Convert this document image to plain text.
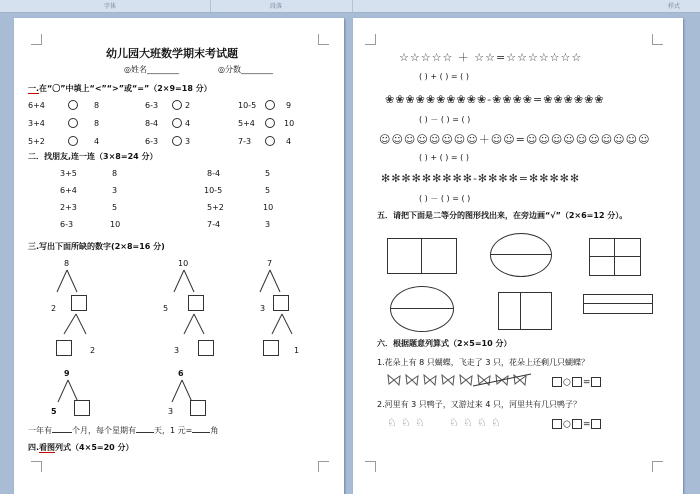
字体	段落	样式
幼儿园大班数学期末考试题
◎姓名________	◎分数________
一.在“〇”中填上“<”“>”或“=”（2×9=18 分）
6+4	8	6-3	2	10-5	9
3+4	8	8-4	4	5+4	10
5+2	4	6-3	3	7-3	4
二．找朋友,连一连（3×8=24 分）
3+5
6+4
2+3
6-3
8
3
5
10
8-4
10-5
5+2
7-4
5
5
10
3
三.写出下面所缺的数字(2×8=16 分)
8
2
2
10
5
3
7
3
1
9
5
6
3
一年有	个月，每个星期有 天，1 元= 角
四.看图列式（4×5=20 分）
☆☆☆☆☆ ＋ ☆☆=☆☆☆☆☆☆☆
( ) + ( ) = ( )
❀❀❀❀❀❀❀❀❀❀-❀❀❀❀=❀❀❀❀❀❀
( ) － ( ) = ( )
☺☺☺☺☺☺☺☺＋☺☺=☺☺☺☺☺☺☺☺☺☺
( ) + ( ) = ( )
✻✻✻✻✻✻✻✻✻-✻✻✻✻=✻✻✻✻✻
( ) － ( ) = ( )
五．请把下面是二等分的图形找出来，在旁边画“√”（2×6=12 分）。
六．根据题意列算式（2×5=10 分）
1.花朵上有 8 只蝴蝶，飞走了 3 只，花朵上还剩几只蝴蝶？
○ =
2.河里有 3 只鸭子，又游过来 4 只，河里共有几只鸭子？
♘ ♘ ♘ ♘ ♘ ♘ ♘	○ =
